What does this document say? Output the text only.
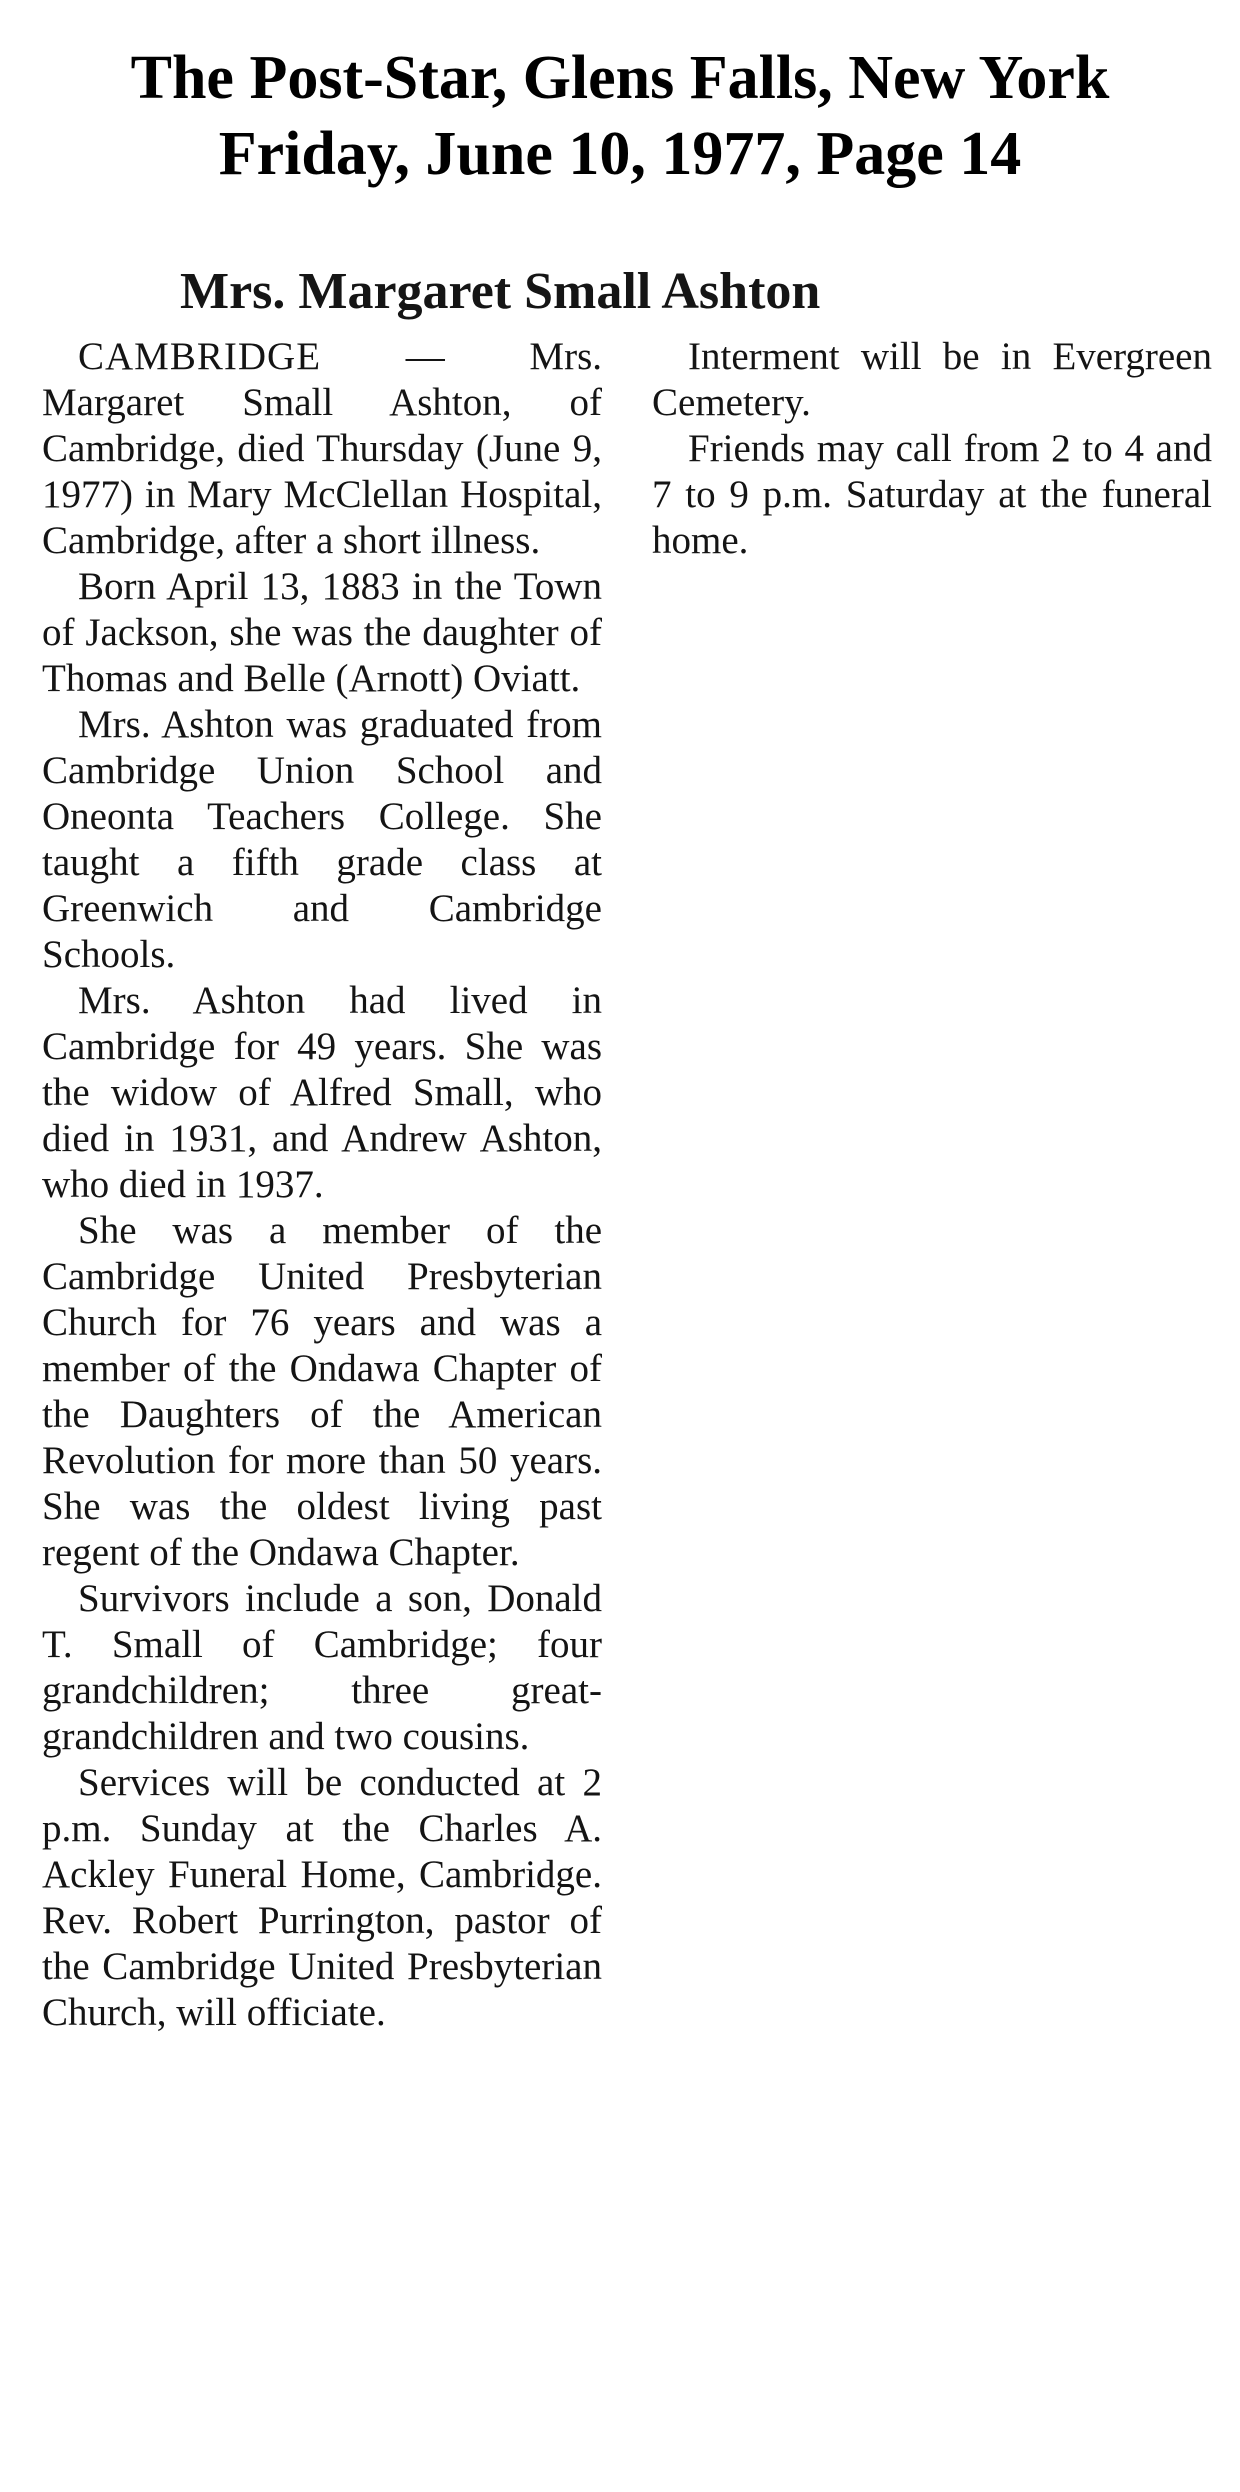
The Post-Star, Glens Falls, New York
Friday, June 10, 1977, Page 14
Mrs. Margaret Small Ashton

CAMBRIDGE — Mrs. Margaret Small Ashton, of Cambridge, died Thursday (June 9, 1977) in Mary McClellan Hospital, Cambridge, after a short illness.

Born April 13, 1883 in the Town of Jackson, she was the daughter of Thomas and Belle (Arnott) Oviatt.

Mrs. Ashton was graduated from Cambridge Union School and Oneonta Teachers College. She taught a fifth grade class at Greenwich and Cambridge Schools.

Mrs. Ashton had lived in Cambridge for 49 years. She was the widow of Alfred Small, who died in 1931, and Andrew Ashton, who died in 1937.

She was a member of the Cambridge United Presbyterian Church for 76 years and was a member of the Ondawa Chapter of the Daughters of the American Revolution for more than 50 years. She was the oldest living past regent of the Ondawa Chapter.

Survivors include a son, Donald T. Small of Cambridge; four grandchildren; three great-grandchildren and two cousins.

Services will be conducted at 2 p.m. Sunday at the Charles A. Ackley Funeral Home, Cambridge. Rev. Robert Purrington, pastor of the Cambridge United Presbyterian Church, will officiate.

Interment will be in Evergreen Cemetery.

Friends may call from 2 to 4 and 7 to 9 p.m. Saturday at the funeral home.
